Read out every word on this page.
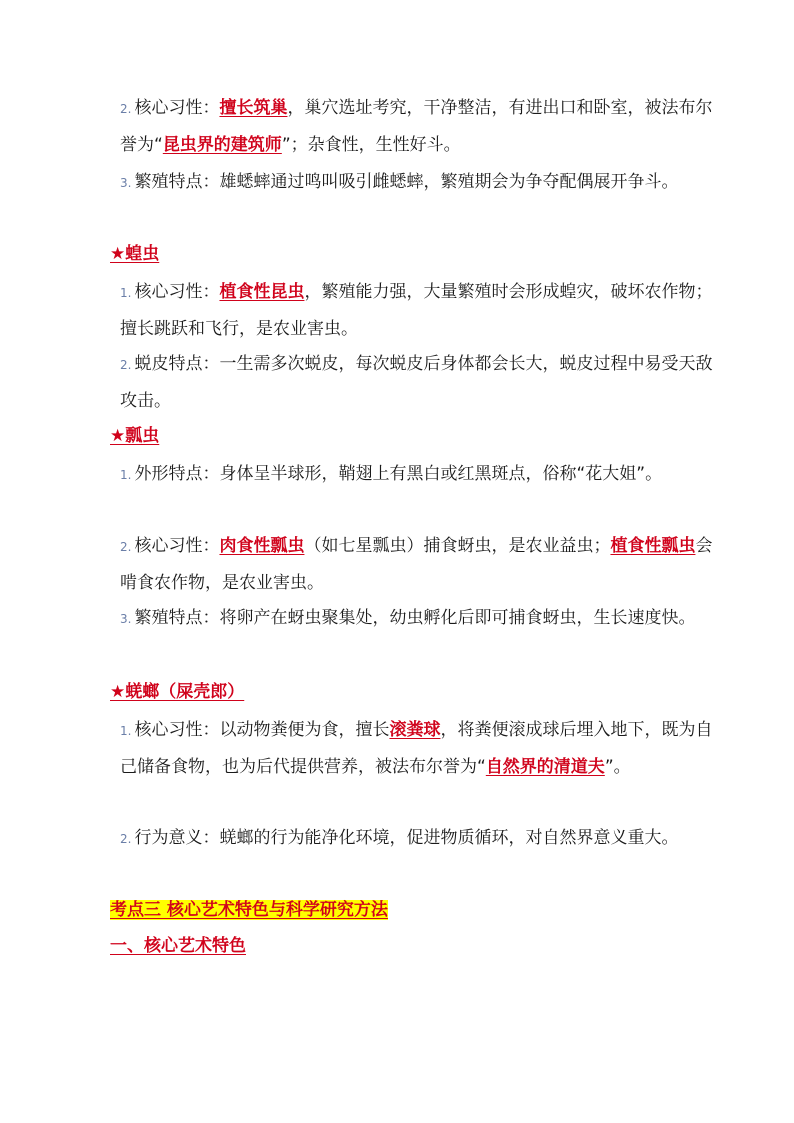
2. 核心习性：擅长筑巢，巢穴选址考究，干净整洁，有进出口和卧室，被法布尔誉为“昆虫界的建筑师”；杂食性，生性好斗。

3. 繁殖特点：雄蟋蟀通过鸣叫吸引雌蟋蟀，繁殖期会为争夺配偶展开争斗。

★蝗虫

1. 核心习性：植食性昆虫，繁殖能力强，大量繁殖时会形成蝗灾，破坏农作物；擅长跳跃和飞行，是农业害虫。

2. 蜕皮特点：一生需多次蜕皮，每次蜕皮后身体都会长大，蜕皮过程中易受天敌攻击。

★瓢虫

1. 外形特点：身体呈半球形，鞘翅上有黑白或红黑斑点，俗称“花大姐”。

2. 核心习性：肉食性瓢虫（如七星瓢虫）捕食蚜虫，是农业益虫；植食性瓢虫会啃食农作物，是农业害虫。

3. 繁殖特点：将卵产在蚜虫聚集处，幼虫孵化后即可捕食蚜虫，生长速度快。

★蜣螂（屎壳郎）

1. 核心习性：以动物粪便为食，擅长滚粪球，将粪便滚成球后埋入地下，既为自己储备食物，也为后代提供营养，被法布尔誉为“自然界的清道夫”。

2. 行为意义：蜣螂的行为能净化环境，促进物质循环，对自然界意义重大。

考点三 核心艺术特色与科学研究方法

一、核心艺术特色
